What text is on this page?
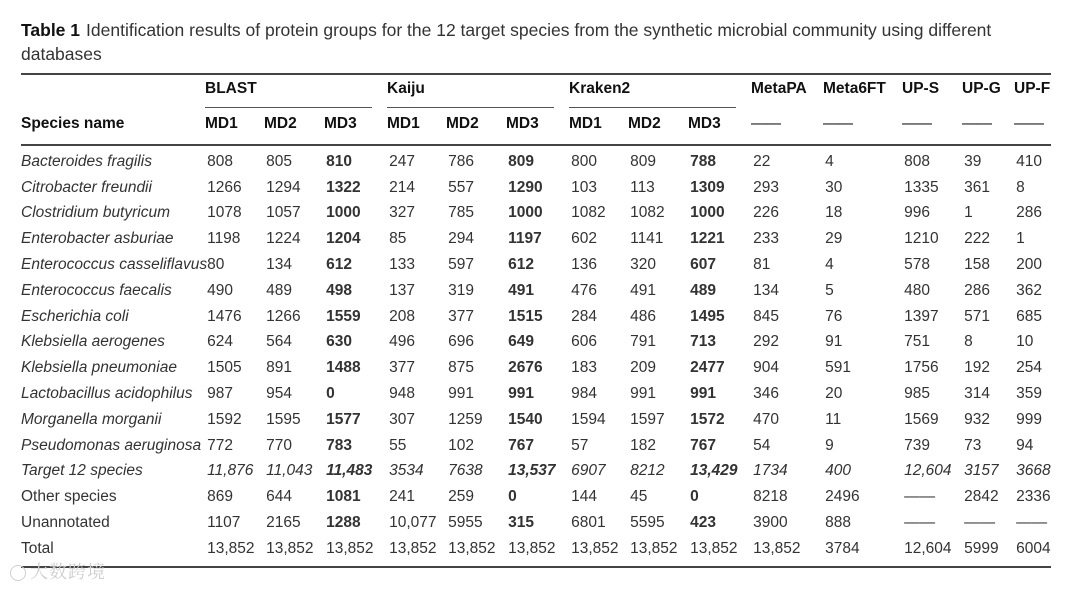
Table 1 Identification results of protein groups for the 12 target species from the synthetic microbial community using different databases
BLAST	Kaiju	Kraken2	MetaPA Meta6FT UP-S UP-G UP-F
Species name	MD1 MD2 MD3 MD1 MD2 MD3 MD1 MD2 MD3 ——	——	—— —— ——
Bacteroides fragilis	808	805	810	247	786	809	800	809	788	22	4	808	39	410
Citrobacter freundii	1266	1294	1322	214	557	1290	103	113	1309	293	30	1335	361	8
Clostridium butyricum	1078	1057	1000	327	785	1000	1082	1082	1000	226	18	996	1	286
Enterobacter asburiae	1198	1224	1204	85	294	1197	602	1141	1221	233	29	1210	222	1
Enterococcus casseliflavus	80	134	612	133	597	612	136	320	607	81	4	578	158	200
Enterococcus faecalis	490	489	498	137	319	491	476	491	489	134	5	480	286	362
Escherichia coli	1476	1266	1559	208	377	1515	284	486	1495	845	76	1397	571	685
Klebsiella aerogenes	624	564	630	496	696	649	606	791	713	292	91	751	8	10
Klebsiella pneumoniae	1505	891	1488	377	875	2676	183	209	2477	904	591	1756	192	254
Lactobacillus acidophilus	987	954	0	948	991	991	984	991	991	346	20	985	314	359
Morganella morganii	1592	1595	1577	307	1259	1540	1594	1597	1572	470	11	1569	932	999
Pseudomonas aeruginosa	772	770	783	55	102	767	57	182	767	54	9	739	73	94
Target 12 species	11,876	11,043	11,483	3534	7638	13,537	6907	8212	13,429	1734	400	12,604	3157	3668
Other species	869	644	1081	241	259	0	144	45	0	8218	2496	——	2842	2336
Unannotated	1107	2165	1288	10,077	5955	315	6801	5595	423	3900	888	——	——	——
Total	13,852	13,852	13,852	13,852	13,852	13,852	13,852	13,852	13,852	13,852	3784	12,604	5999	6004
大数跨境
